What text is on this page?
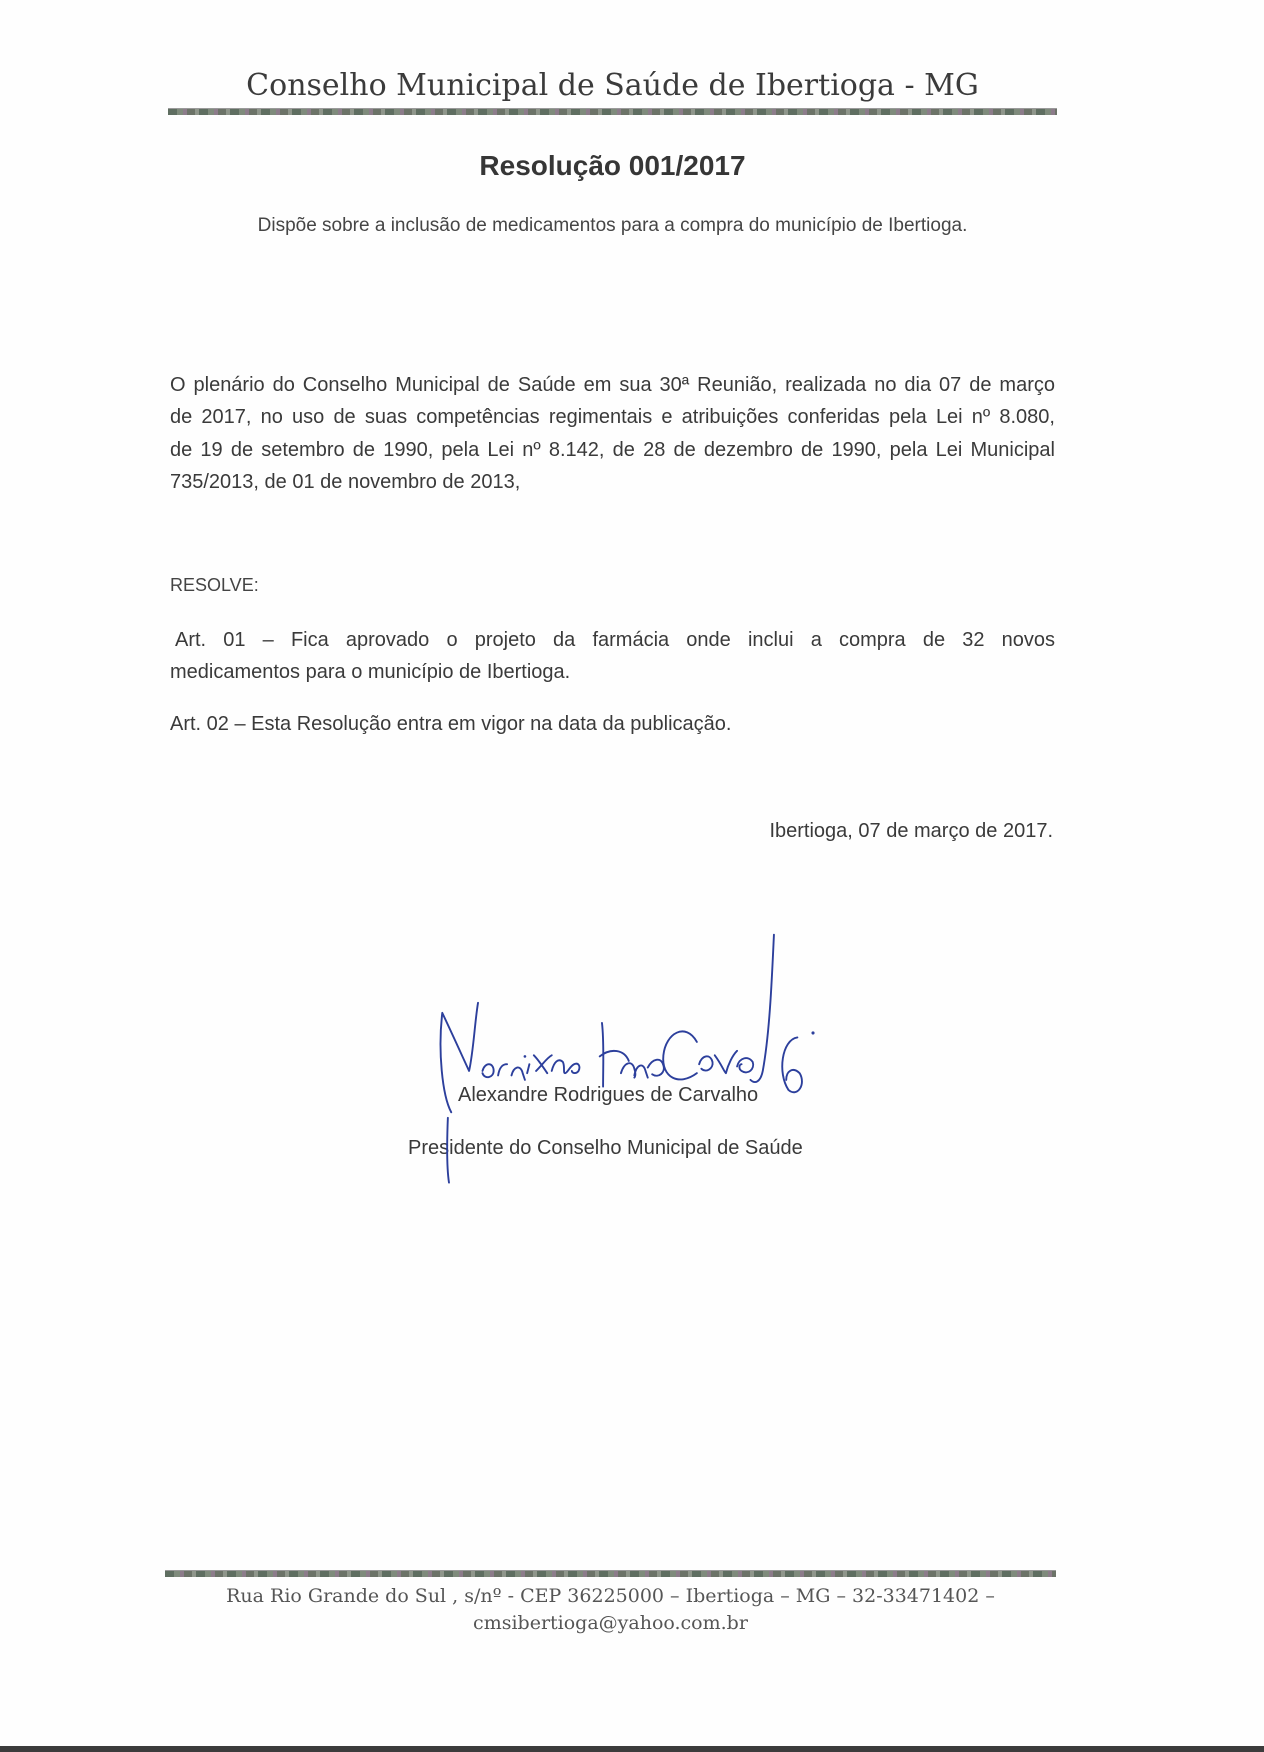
Conselho Municipal de Saúde de Ibertioga - MG
Resolução 001/2017
Dispõe sobre a inclusão de medicamentos para a compra do município de Ibertioga.
O plenário do Conselho Municipal de Saúde em sua 30ª Reunião, realizada no dia 07 de março
de 2017, no uso de suas competências regimentais e atribuições conferidas pela Lei nº 8.080,
de 19 de setembro de 1990, pela Lei nº 8.142, de 28 de dezembro de 1990, pela Lei Municipal
735/2013, de 01 de novembro de 2013,
RESOLVE:
Art. 01 – Fica aprovado o projeto da farmácia onde inclui a compra de 32 novos
medicamentos para o município de Ibertioga.
Art. 02 – Esta Resolução entra em vigor na data da publicação.
Ibertioga, 07 de março de 2017.
Alexandre Rodrigues de Carvalho
Presidente do Conselho Municipal de Saúde
Rua Rio Grande do Sul , s/nº - CEP 36225000 – Ibertioga – MG – 32-33471402 –
cmsibertioga@yahoo.com.br
